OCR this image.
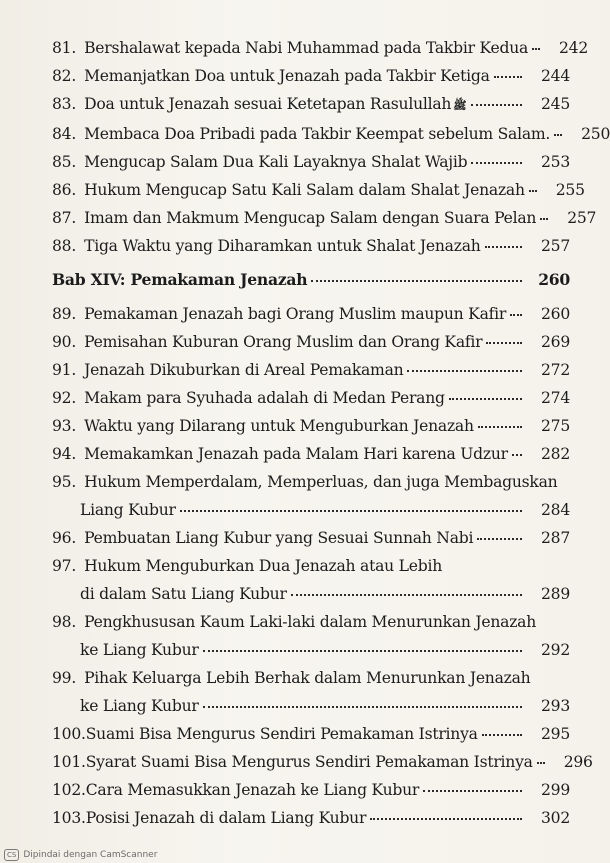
81. Bershalawat kepada Nabi Muhammad pada Takbir Kedua	242
82. Memanjatkan Doa untuk Jenazah pada Takbir Ketiga	244
83. Doa untuk Jenazah sesuai Ketetapan Rasulullah ﷺ	245
84. Membaca Doa Pribadi pada Takbir Keempat sebelum Salam.	250
85. Mengucap Salam Dua Kali Layaknya Shalat Wajib	253
86. Hukum Mengucap Satu Kali Salam dalam Shalat Jenazah	255
87. Imam dan Makmum Mengucap Salam dengan Suara Pelan	257
88. Tiga Waktu yang Diharamkan untuk Shalat Jenazah	257
Bab XIV: Pemakaman Jenazah	260
89. Pemakaman Jenazah bagi Orang Muslim maupun Kafir	260
90. Pemisahan Kuburan Orang Muslim dan Orang Kafir	269
91. Jenazah Dikuburkan di Areal Pemakaman	272
92. Makam para Syuhada adalah di Medan Perang	274
93. Waktu yang Dilarang untuk Menguburkan Jenazah	275
94. Memakamkan Jenazah pada Malam Hari karena Udzur	282
95. Hukum Memperdalam, Memperluas, dan juga Membaguskan
Liang Kubur	284
96. Pembuatan Liang Kubur yang Sesuai Sunnah Nabi	287
97. Hukum Menguburkan Dua Jenazah atau Lebih
di dalam Satu Liang Kubur	289
98. Pengkhususan Kaum Laki-laki dalam Menurunkan Jenazah
ke Liang Kubur	292
99. Pihak Keluarga Lebih Berhak dalam Menurunkan Jenazah
ke Liang Kubur	293
100. Suami Bisa Mengurus Sendiri Pemakaman Istrinya	295
101. Syarat Suami Bisa Mengurus Sendiri Pemakaman Istrinya	296
102. Cara Memasukkan Jenazah ke Liang Kubur	299
103. Posisi Jenazah di dalam Liang Kubur	302
CS Dipindai dengan CamScanner
